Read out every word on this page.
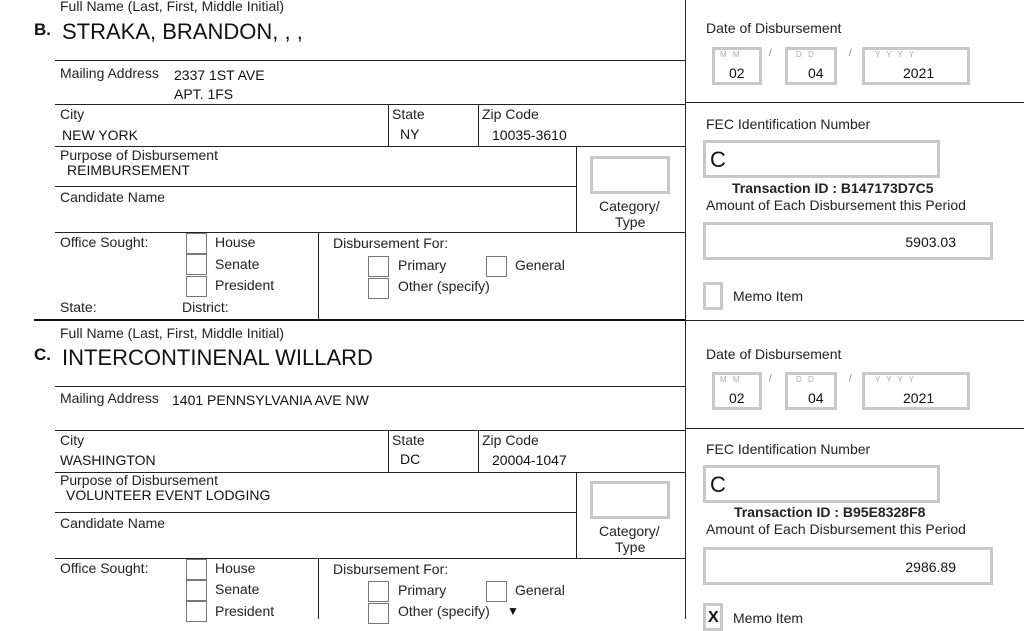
Full Name (Last, First, Middle Initial)
B. STRAKA, BRANDON, , ,
Mailing Address 2337 1ST AVE
APT. 1FS
City
NEW YORK
State
NY
Zip Code
10035-3610
Purpose of Disbursement
REIMBURSEMENT
Candidate Name
Category/
Type
Office Sought:	House
Senate
President
Disbursement For:
Primary	General
Other (specify)
State:	District:
Date of Disbursement
M M
02
/	D D
04
/	Y Y Y Y
2021
FEC Identification Number
C
Transaction ID : B147173D7C5
Amount of Each Disbursement this Period
5903.03
Memo Item
Full Name (Last, First, Middle Initial)
C. INTERCONTINENAL WILLARD
Mailing Address 1401 PENNSYLVANIA AVE NW
City
WASHINGTON
State
DC
Zip Code
20004-1047
Purpose of Disbursement
VOLUNTEER EVENT LODGING
Candidate Name	Category/
Type
Office Sought:	House
Senate
President
Disbursement For:
Primary	General
Other (specify) ▼
Date of Disbursement
M M
02
/	D D
04
/	Y Y Y Y
2021
FEC Identification Number
C
Transaction ID : B95E8328F8
Amount of Each Disbursement this Period
2986.89
X Memo Item
